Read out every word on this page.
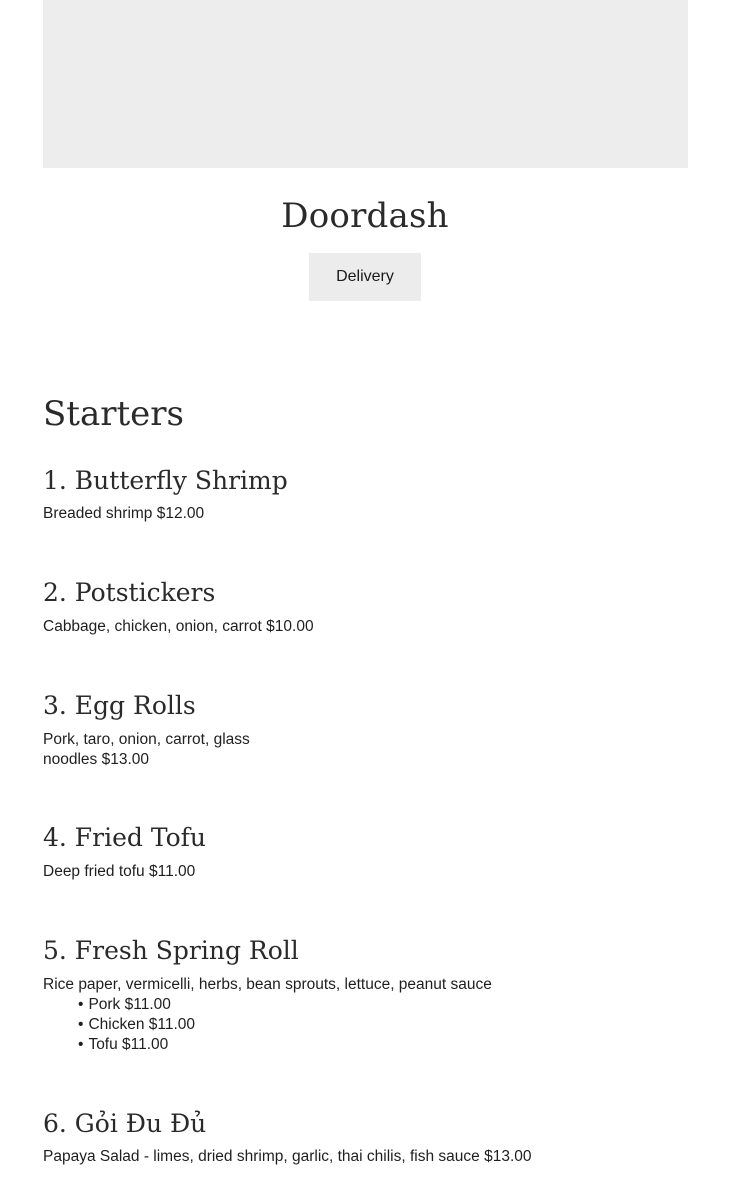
Doordash
Delivery
Starters
1. Butterfly Shrimp

Breaded shrimp $12.00

2. Potstickers

Cabbage, chicken, onion, carrot $10.00

3. Egg Rolls

Pork, taro, onion, carrot, glass

noodles $13.00

4. Fried Tofu

Deep fried tofu $11.00

5. Fresh Spring Roll

Rice paper, vermicelli, herbs, bean sprouts, lettuce, peanut sauce

• Pork $11.00
• Chicken $11.00
• Tofu $11.00
6. Gỏi Đu Đủ

Papaya Salad - limes, dried shrimp, garlic, thai chilis, fish sauce $13.00
